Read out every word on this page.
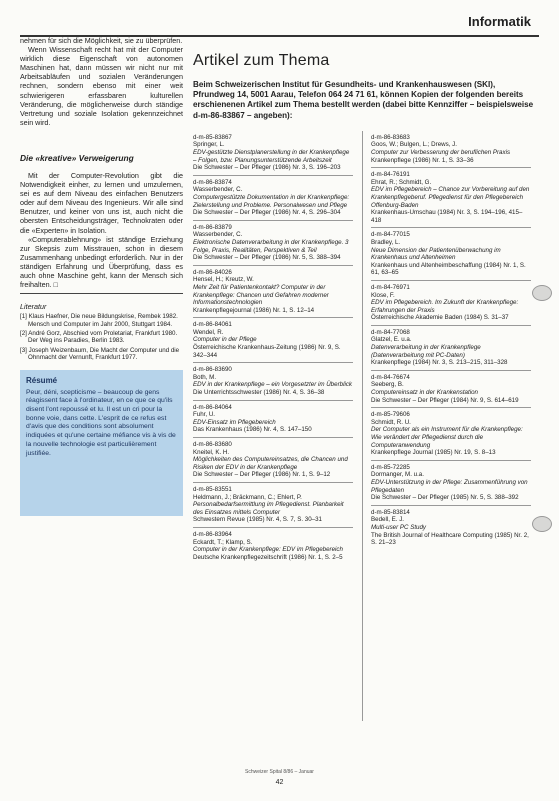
Informatik

nehmen für sich die Möglichkeit, sie zu überprüfen.

Wenn Wissenschaft recht hat mit der Computer wirklich diese Eigenschaft von autonomen Maschinen hat, dann müssen wir nicht nur mit Arbeitsabläufen und sozialen Veränderungen rechnen, sondern ebenso mit einer weit schwierigeren erfassbaren kulturellen Veränderung, die möglicherweise durch ständige Vertretung und soziale Isolation gekennzeichnet sein wird.

Die «kreative» Verweigerung

Mit der Computer-Revolution gibt die Notwendigkeit einher, zu lernen und umzulernen, sei es auf dem Niveau des einfachen Benutzers oder auf dem Niveau des Ingenieurs. Wir alle sind Benutzer, und keiner von uns ist, auch nicht die obersten Entscheidungsträger, Technokraten oder die «Experten» in Isolation.

«Computerablehnung» ist ständige Erziehung zur Skepsis zum Misstrauen, schon in diesem Zusammenhang unbedingt erforderlich. Nur in der ständigen Erfahrung und Überprüfung, dass es auch ohne Maschine geht, kann der Mensch sich freihalten. □

Literatur
[1] Klaus Haefner, Die neue Bildungskrise, Rembek 1982. Mensch und Computer im Jahr 2000, Stuttgart 1984.
[2] André Gorz, Abschied vom Proletariat, Frankfurt 1980. Der Weg ins Paradies, Berlin 1983.
[3] Joseph Weizenbaum, Die Macht der Computer und die Ohnmacht der Vernunft, Frankfurt 1977.
Résumé
Peur, déni, scepticisme – beaucoup de gens réagissent face à l'ordinateur, en ce que ce qu'ils disent l'ont repoussé et lu. Il est un cri pour la bonne voie, dans cette. L'esprit de ce refus est d'avis que des conditions sont absolument indiquées et qu'une certaine méfiance vis à vis de la nouvelle technologie est particulièrement justifiée.
Artikel zum Thema
Beim Schweizerischen Institut für Gesundheits- und Krankenhauswesen (SKI), Pfrundweg 14, 5001 Aarau, Telefon 064 24 71 61, können Kopien der folgenden bereits erschienenen Artikel zum Thema bestellt werden (dabei bitte Kennziffer – beispielsweise d-m-86-83867 – angeben):
d-m-85-83867
Springer, L.
EDV-gestützte Dienstplanerstellung in der Krankenpflege – Folgen, bzw. Planungsunterstützende Arbeitszeit
Die Schwester – Der Pfleger (1986) Nr. 3, S. 196–203
d-m-86-83874
Wasserbender, C.
Computergestützte Dokumentation in der Krankenpflege: Zielerstellung und Probleme. Personalwesen und Pflege
Die Schwester – Der Pfleger (1986) Nr. 4, S. 296–304
d-m-86-83879
Wasserbender, C.
Elektronische Datenverarbeitung in der Krankenpflege. 3 Folge, Praxis, Realitäten, Perspektiven & Teil
Die Schwester – Der Pfleger (1986) Nr. 5, S. 388–394
d-m-86-84026
Hensel, H.; Kreutz, W.
Mehr Zeit für Patientenkontakt? Computer in der Krankenpflege: Chancen und Gefahren moderner Informationstechnologien
Krankenpflegejournal (1986) Nr. 1, S. 12–14
d-m-86-84061
Wendel, R.
Computer in der Pflege
Österreichische Krankenhaus-Zeitung (1986) Nr. 9, S. 342–344
d-m-86-83690
Both, M.
EDV in der Krankenpflege – ein Vorgesetzter im Überblick
Die Unterrichtsschwester (1986) Nr. 4, S. 36–38
d-m-86-84064
Fuhr, U.
EDV-Einsatz im Pflegebereich
Das Krankenhaus (1986) Nr. 4, S. 147–150
d-m-86-83680
Kneitel, K. H.
Möglichkeiten des Computereinsatzes, die Chancen und Risiken der EDV in der Krankenpflege
Die Schwester – Der Pfleger (1986) Nr. 1, S. 9–12
d-m-85-83551
Heldmann, J.; Bräckmann, C.; Ehlert, P.
Personalbedarfsermittlung im Pflegedienst. Planbarkeit des Einsatzes mittels Computer
Schwestern Revue (1985) Nr. 4, S. 7, S. 30–31
d-m-86-83964
Eckardt, T.; Klamp, S.
Computer in der Krankenpflege: EDV im Pflegebereich
Deutsche Krankenpflegezeitschrift (1986) Nr. 1, S. 2–5
d-m-86-83683
Goos, W.; Bulgen, L.; Drews, J.
Computer zur Verbesserung der beruflichen Praxis
Krankenpflege (1986) Nr. 1, S. 33–36
d-m-84-76191
Ehrat, R.; Schmidt, G.
EDV im Pflegebereich – Chance zur Vorbereitung auf den Krankenpflegeberuf. Pflegedienst für den Pflegebereich Offenburg-Baden
Krankenhaus-Umschau (1984) Nr. 3, S. 194–196, 415–418
d-m-84-77015
Bradley, L.
Neue Dimension der Patientenüberwachung im Krankenhaus und Altenheimen
Krankenhaus und Altenheimbeschaffung (1984) Nr. 1, S. 61, 63–65
d-m-84-76971
Klose, F.
EDV im Pflegebereich. Im Zukunft der Krankenpflege: Erfahrungen der Praxis
Österreichische Akademie Baden (1984) S. 31–37
d-m-84-77068
Glatzel, E. u.a.
Datenverarbeitung in der Krankenpflege (Datenverarbeitung mit PC-Daten)
Krankenpflege (1984) Nr. 3, S. 213–215, 311–328
d-m-84-76674
Seeberg, B.
Computereinsatz in der Krankenstation
Die Schwester – Der Pfleger (1984) Nr. 9, S. 614–619
d-m-85-79606
Schmidt, R. U.
Der Computer als ein Instrument für die Krankenpflege: Wie verändert der Pflegedienst durch die Computeranwendung
Krankenpflege Journal (1985) Nr. 19, S. 8–13
d-m-85-72285
Dormanger, M. u.a.
EDV-Unterstützung in der Pflege: Zusammenführung von Pflegedaten
Die Schwester – Der Pfleger (1985) Nr. 5, S. 388–392
d-m-85-83814
Bedell, E. J.
Multi-user PC Study
The British Journal of Healthcare Computing (1985) Nr. 2, S. 21–23
Schweizer Spital 8/86 – Januar
42
